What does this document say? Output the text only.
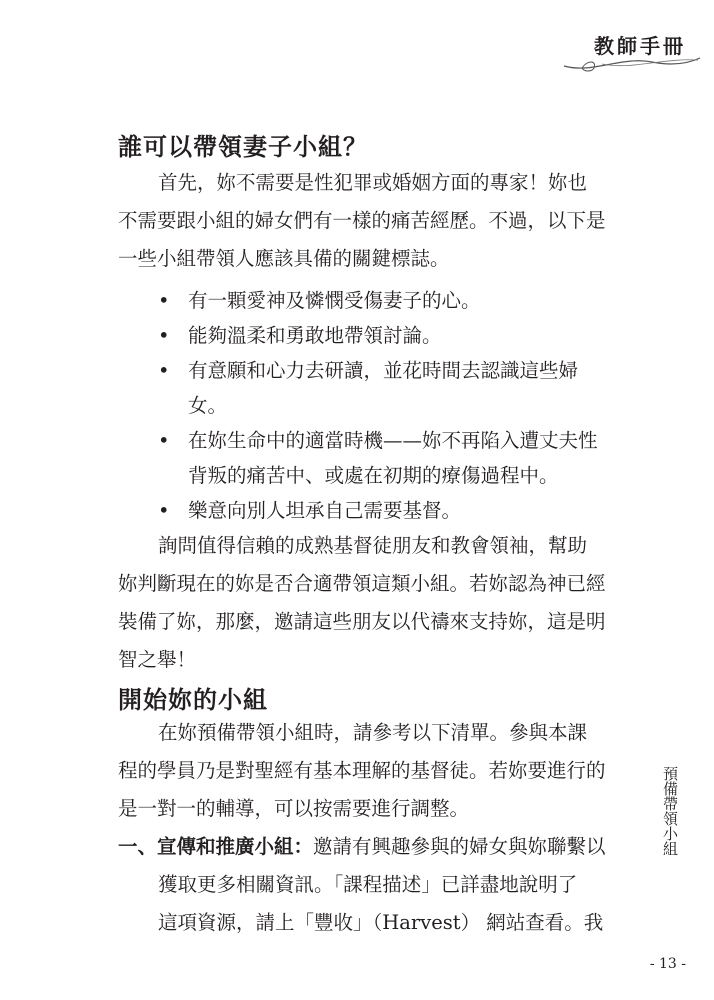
教師手冊
誰可以帶領妻子小組？
首先，妳不需要是性犯罪或婚姻方面的專家！妳也
不需要跟小組的婦女們有一樣的痛苦經歷。不過，以下是
一些小組帶領人應該具備的關鍵標誌。
• 有一顆愛神及憐憫受傷妻子的心。
• 能夠溫柔和勇敢地帶領討論。
• 有意願和心力去研讀，並花時間去認識這些婦
女。
• 在妳生命中的適當時機——妳不再陷入遭丈夫性
背叛的痛苦中、或處在初期的療傷過程中。
• 樂意向別人坦承自己需要基督。
詢問值得信賴的成熟基督徒朋友和教會領袖，幫助
妳判斷現在的妳是否合適帶領這類小組。若妳認為神已經
裝備了妳，那麼，邀請這些朋友以代禱來支持妳，這是明
智之舉！
開始妳的小組
在妳預備帶領小組時，請參考以下清單。參與本課
程的學員乃是對聖經有基本理解的基督徒。若妳要進行的
是一對一的輔導，可以按需要進行調整。
一、宣傳和推廣小組：邀請有興趣參與的婦女與妳聯繫以
獲取更多相關資訊。「課程描述」已詳盡地說明了
這項資源，請上「豐收」（Harvest） 網站查看。我
預備帶領小組
- 13 -
